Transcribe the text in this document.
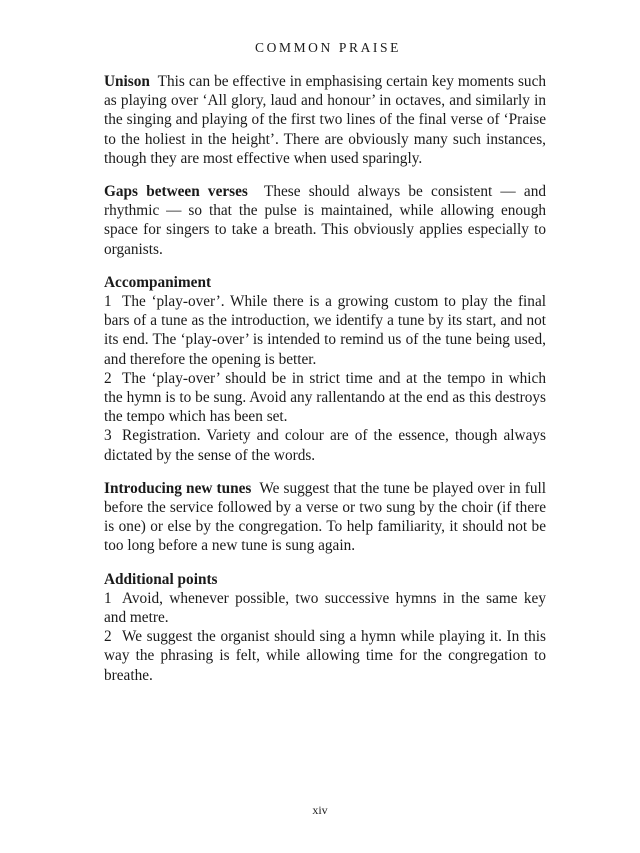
COMMON PRAISE

Unison This can be effective in emphasising certain key moments such as playing over ‘All glory, laud and honour’ in octaves, and similarly in the singing and playing of the first two lines of the final verse of ‘Praise to the holiest in the height’. There are obviously many such instances, though they are most effective when used sparingly.

Gaps between verses These should always be consistent — and rhythmic — so that the pulse is maintained, while allowing enough space for singers to take a breath. This obviously applies especially to organists.

Accompaniment

1 The ‘play-over’. While there is a growing custom to play the final bars of a tune as the introduction, we identify a tune by its start, and not its end. The ‘play-over’ is intended to remind us of the tune being used, and therefore the opening is better.

2 The ‘play-over’ should be in strict time and at the tempo in which the hymn is to be sung. Avoid any rallentando at the end as this destroys the tempo which has been set.

3 Registration. Variety and colour are of the essence, though always dictated by the sense of the words.

Introducing new tunes We suggest that the tune be played over in full before the service followed by a verse or two sung by the choir (if there is one) or else by the congregation. To help familiarity, it should not be too long before a new tune is sung again.

Additional points

1 Avoid, whenever possible, two successive hymns in the same key and metre.

2 We suggest the organist should sing a hymn while playing it. In this way the phrasing is felt, while allowing time for the congregation to breathe.

xiv
